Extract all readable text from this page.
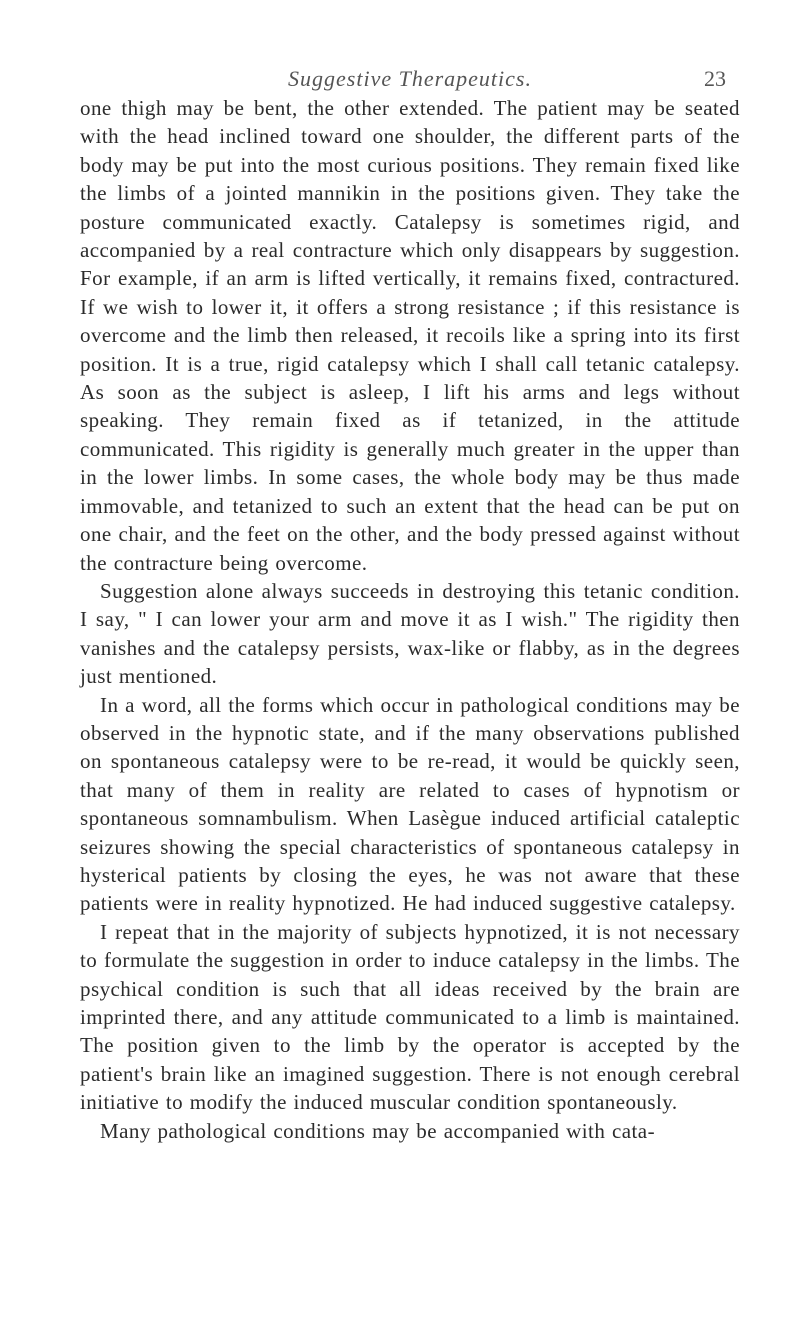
Suggestive Therapeutics.	23

one thigh may be bent, the other extended. The patient may be seated with the head inclined toward one shoulder, the different parts of the body may be put into the most curious positions. They remain fixed like the limbs of a jointed mannikin in the positions given. They take the posture communicated exactly. Catalepsy is sometimes rigid, and accompanied by a real contracture which only disappears by suggestion. For example, if an arm is lifted vertically, it remains fixed, contractured. If we wish to lower it, it offers a strong resistance ; if this resistance is overcome and the limb then released, it recoils like a spring into its first position. It is a true, rigid catalepsy which I shall call tetanic catalepsy. As soon as the subject is asleep, I lift his arms and legs without speaking. They remain fixed as if tetanized, in the attitude communicated. This rigidity is generally much greater in the upper than in the lower limbs. In some cases, the whole body may be thus made immovable, and tetanized to such an extent that the head can be put on one chair, and the feet on the other, and the body pressed against without the contracture being overcome.

Suggestion alone always succeeds in destroying this tetanic condition. I say, " I can lower your arm and move it as I wish." The rigidity then vanishes and the catalepsy persists, wax-like or flabby, as in the degrees just mentioned.

In a word, all the forms which occur in pathological conditions may be observed in the hypnotic state, and if the many observations published on spontaneous catalepsy were to be re-read, it would be quickly seen, that many of them in reality are related to cases of hypnotism or spontaneous somnambulism. When Lasègue induced artificial cataleptic seizures showing the special characteristics of spontaneous catalepsy in hysterical patients by closing the eyes, he was not aware that these patients were in reality hypnotized. He had induced suggestive catalepsy.

I repeat that in the majority of subjects hypnotized, it is not necessary to formulate the suggestion in order to induce catalepsy in the limbs. The psychical condition is such that all ideas received by the brain are imprinted there, and any attitude communicated to a limb is maintained. The position given to the limb by the operator is accepted by the patient's brain like an imagined suggestion. There is not enough cerebral initiative to modify the induced muscular condition spontaneously.

Many pathological conditions may be accompanied with cata-
